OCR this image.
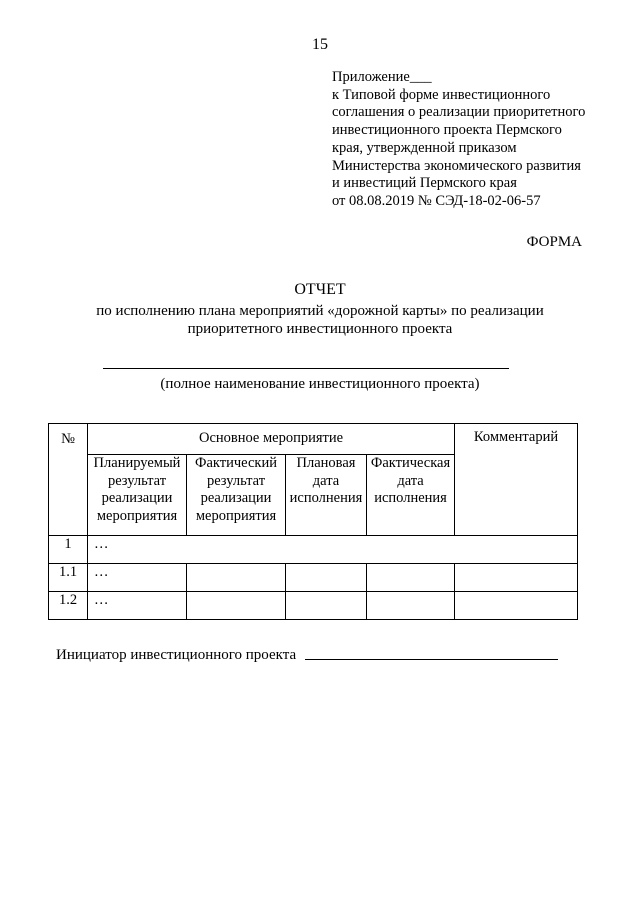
15
Приложение___
к Типовой форме инвестиционного
соглашения о реализации приоритетного
инвестиционного проекта Пермского
края, утвержденной приказом
Министерства экономического развития
и инвестиций Пермского края
от 08.08.2019 № СЭД-18-02-06-57
ФОРМА
ОТЧЕТ
по исполнению плана мероприятий «дорожной карты» по реализации
приоритетного инвестиционного проекта
(полное наименование инвестиционного проекта)
№	Основное мероприятие				Комментарий
	Планируемый результат реализации мероприятия	Фактический результат реализации мероприятия	Плановая дата исполнения	Фактическая дата исполнения	
1	…				
1.1	…				
1.2	…				
Инициатор инвестиционного проекта
